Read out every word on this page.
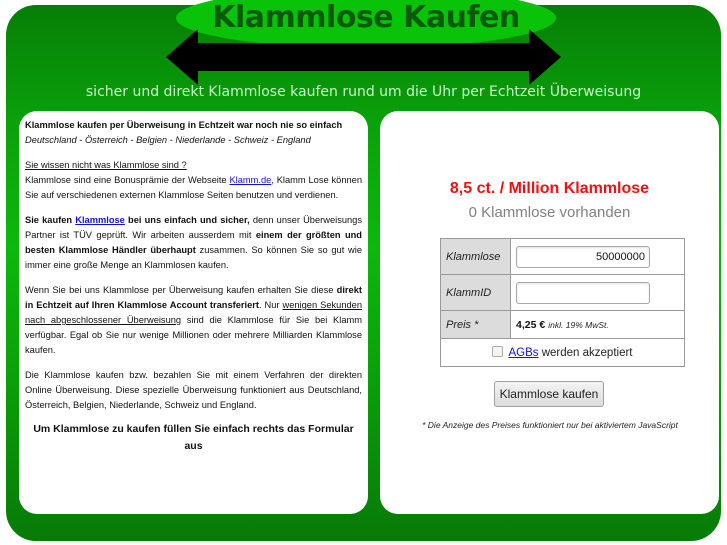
Klammlose Kaufen
sicher und direkt Klammlose kaufen rund um die Uhr per Echtzeit Überweisung
Klammlose kaufen per Überweisung in Echtzeit war noch nie so einfach
Deutschland - Österreich - Belgien - Niederlande - Schweiz - England
Sie wissen nicht was Klammlose sind ?
Klammlose sind eine Bonusprämie der Webseite Klamm.de, Klamm Lose können Sie auf verschiedenen externen Klammlose Seiten benutzen und verdienen.
Sie kaufen Klammlose bei uns einfach und sicher, denn unser Überweisungs Partner ist TÜV geprüft. Wir arbeiten ausserdem mit einem der größten und besten Klammlose Händler überhaupt zusammen. So können Sie so gut wie immer eine große Menge an Klammlosen kaufen.
Wenn Sie bei uns Klammlose per Überweisung kaufen erhalten Sie diese direkt in Echtzeit auf Ihren Klammlose Account transferiert. Nur wenigen Sekunden nach abgeschlossener Überweisung sind die Klammlose für Sie bei Klamm verfügbar. Egal ob Sie nur wenige Millionen oder mehrere Milliarden Klammlose kaufen.
Die Klammlose kaufen bzw. bezahlen Sie mit einem Verfahren der direkten Online Überweisung. Diese spezielle Überweisung funktioniert aus Deutschland, Österreich, Belgien, Niederlande, Schweiz und England.
Um Klammlose zu kaufen füllen Sie einfach rechts das Formular aus
8,5 ct. / Million Klammlose
0 Klammlose vorhanden
Klammlose	50000000
KlammID	
Preis *	4,25 € inkl. 19% MwSt.
AGBs werden akzeptiert	
Klammlose kaufen
* Die Anzeige des Preises funktioniert nur bei aktiviertem JavaScript
